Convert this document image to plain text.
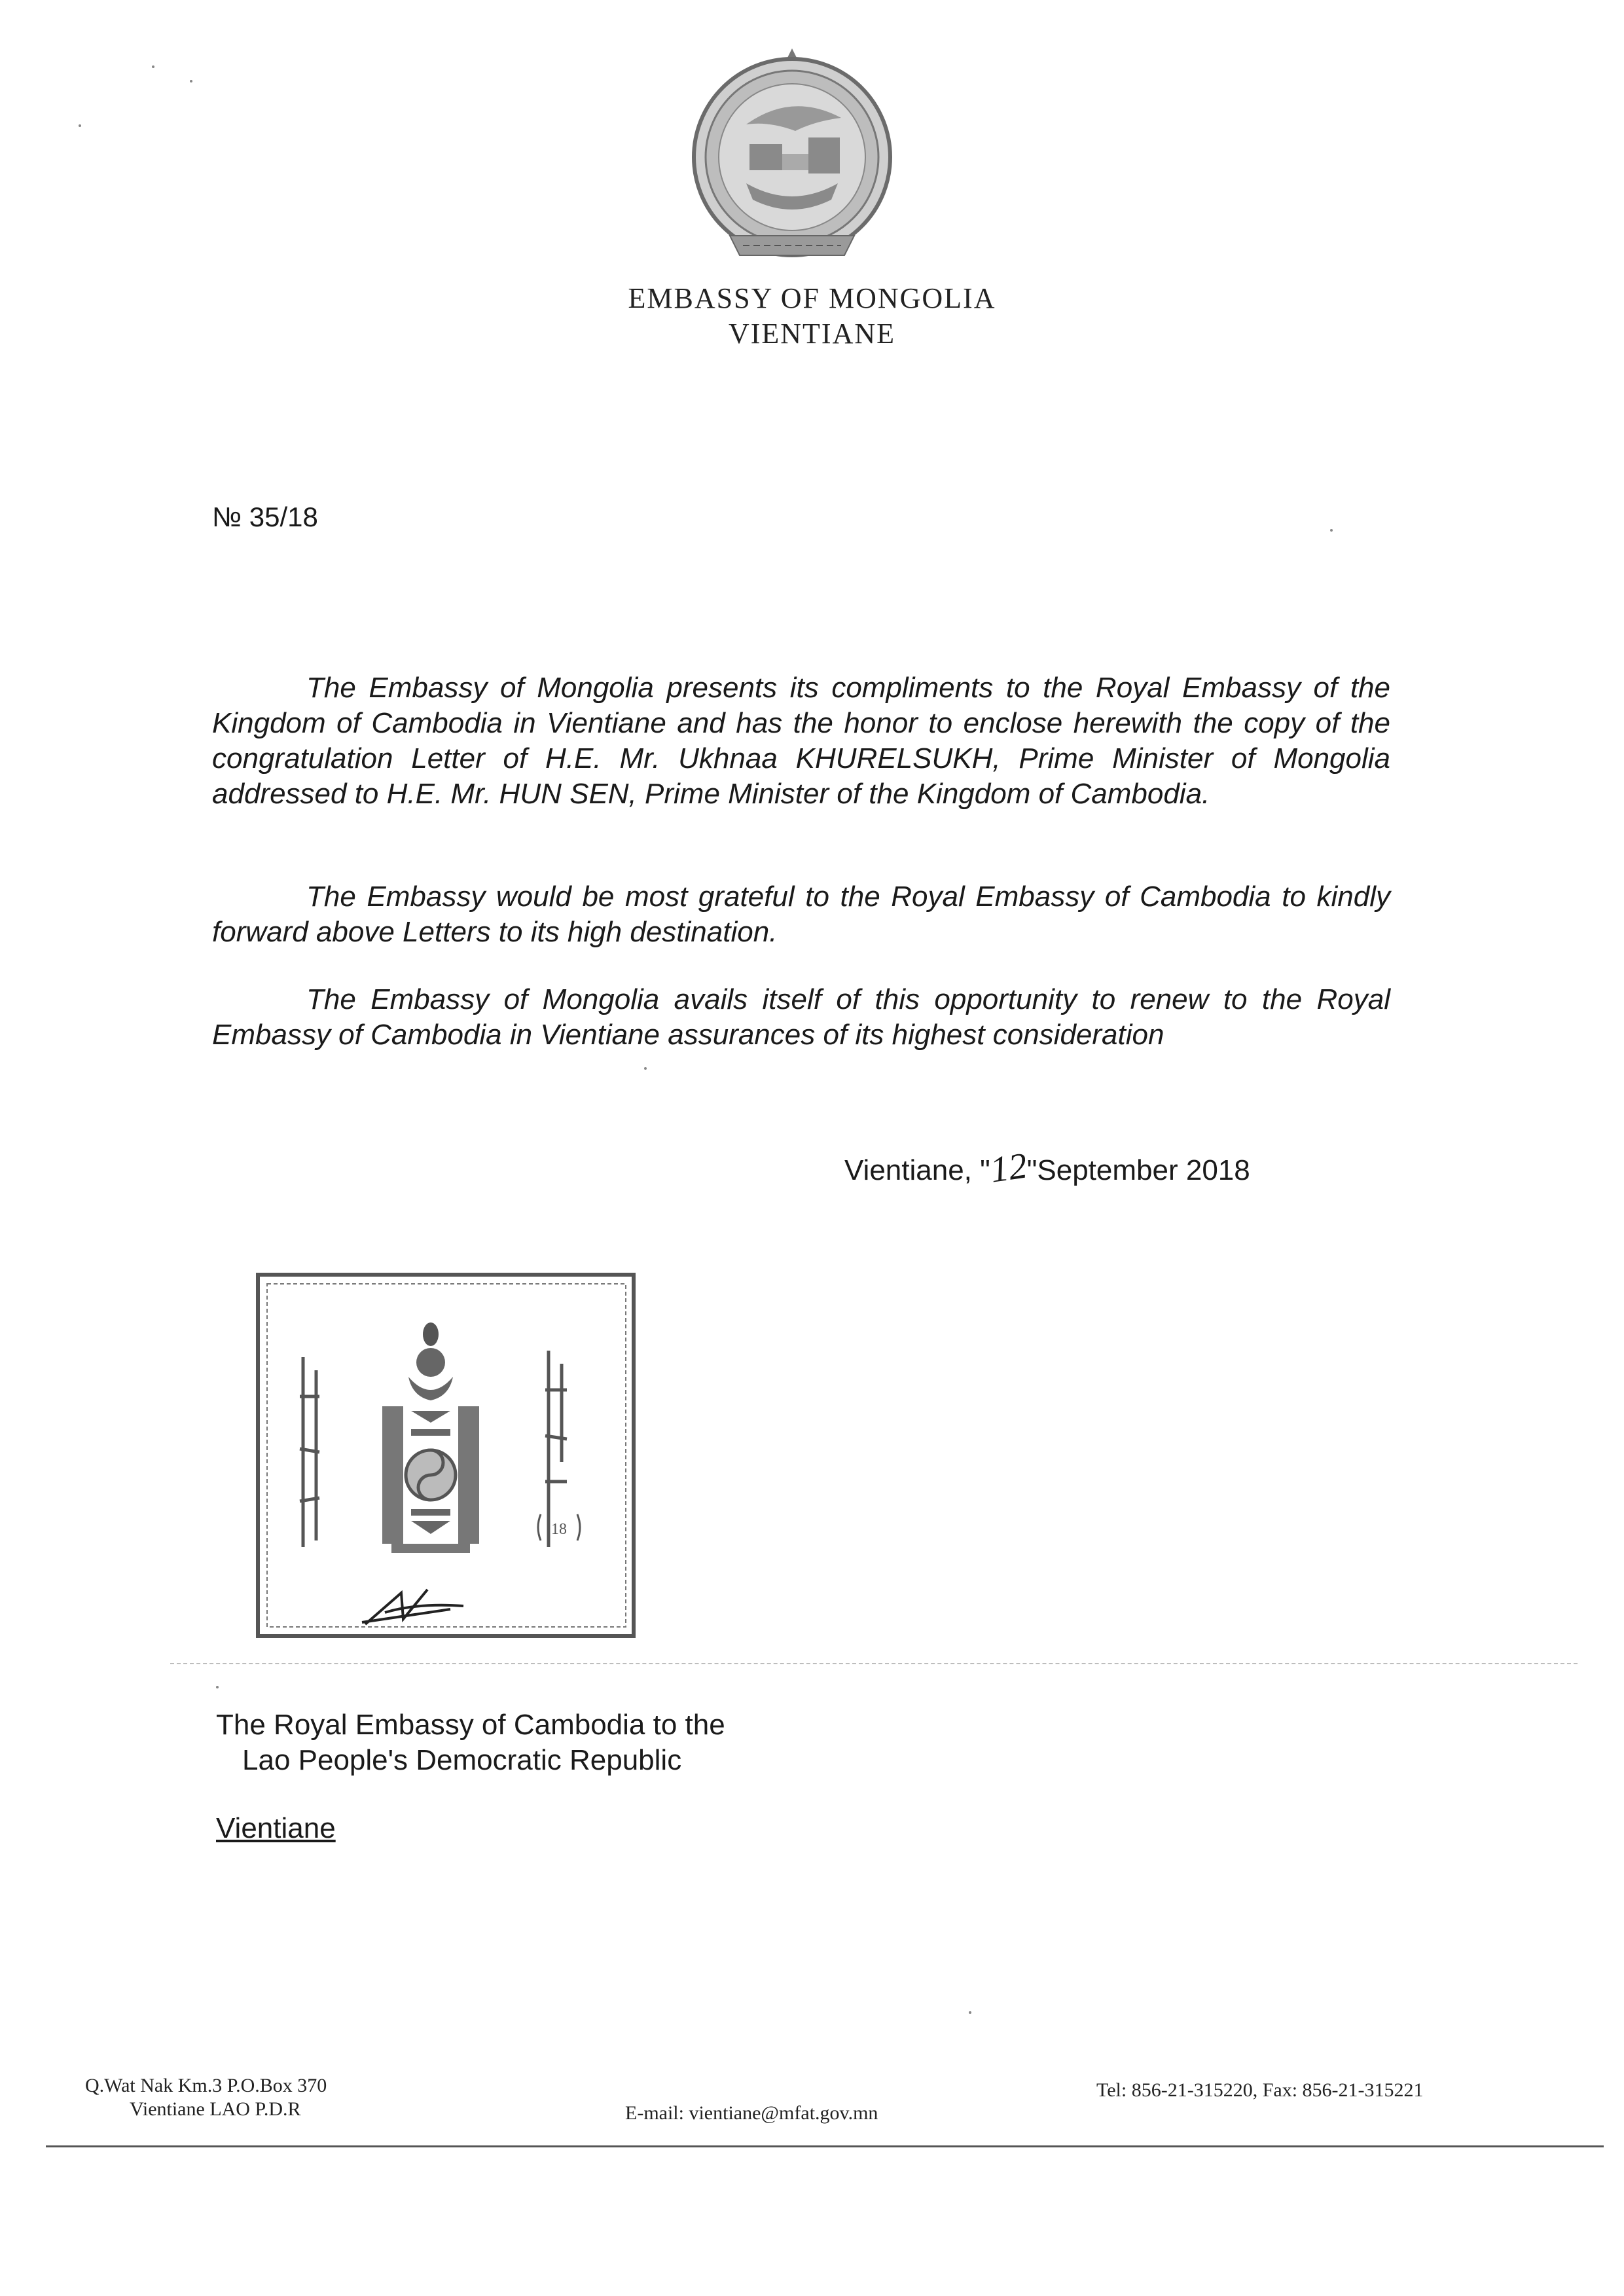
EMBASSY OF MONGOLIA
VIENTIANE
№ 35/18
The Embassy of Mongolia presents its compliments to the Royal Embassy of the Kingdom of Cambodia in Vientiane and has the honor to enclose herewith the copy of the congratulation Letter of H.E. Mr. Ukhnaa KHURELSUKH, Prime Minister of Mongolia addressed to H.E. Mr. HUN SEN, Prime Minister of the Kingdom of Cambodia.
The Embassy would be most grateful to the Royal Embassy of Cambodia to kindly forward above Letters to its high destination.
The Embassy of Mongolia avails itself of this opportunity to renew to the Royal Embassy of Cambodia in Vientiane assurances of its highest consideration
Vientiane, "12"September 2018
18
The Royal Embassy of Cambodia to the
Lao People's Democratic Republic
Vientiane
Q.Wat Nak Km.3 P.O.Box 370
Vientiane LAO P.D.R	E-mail: vientiane@mfat.gov.mn
Tel: 856-21-315220, Fax: 856-21-315221
